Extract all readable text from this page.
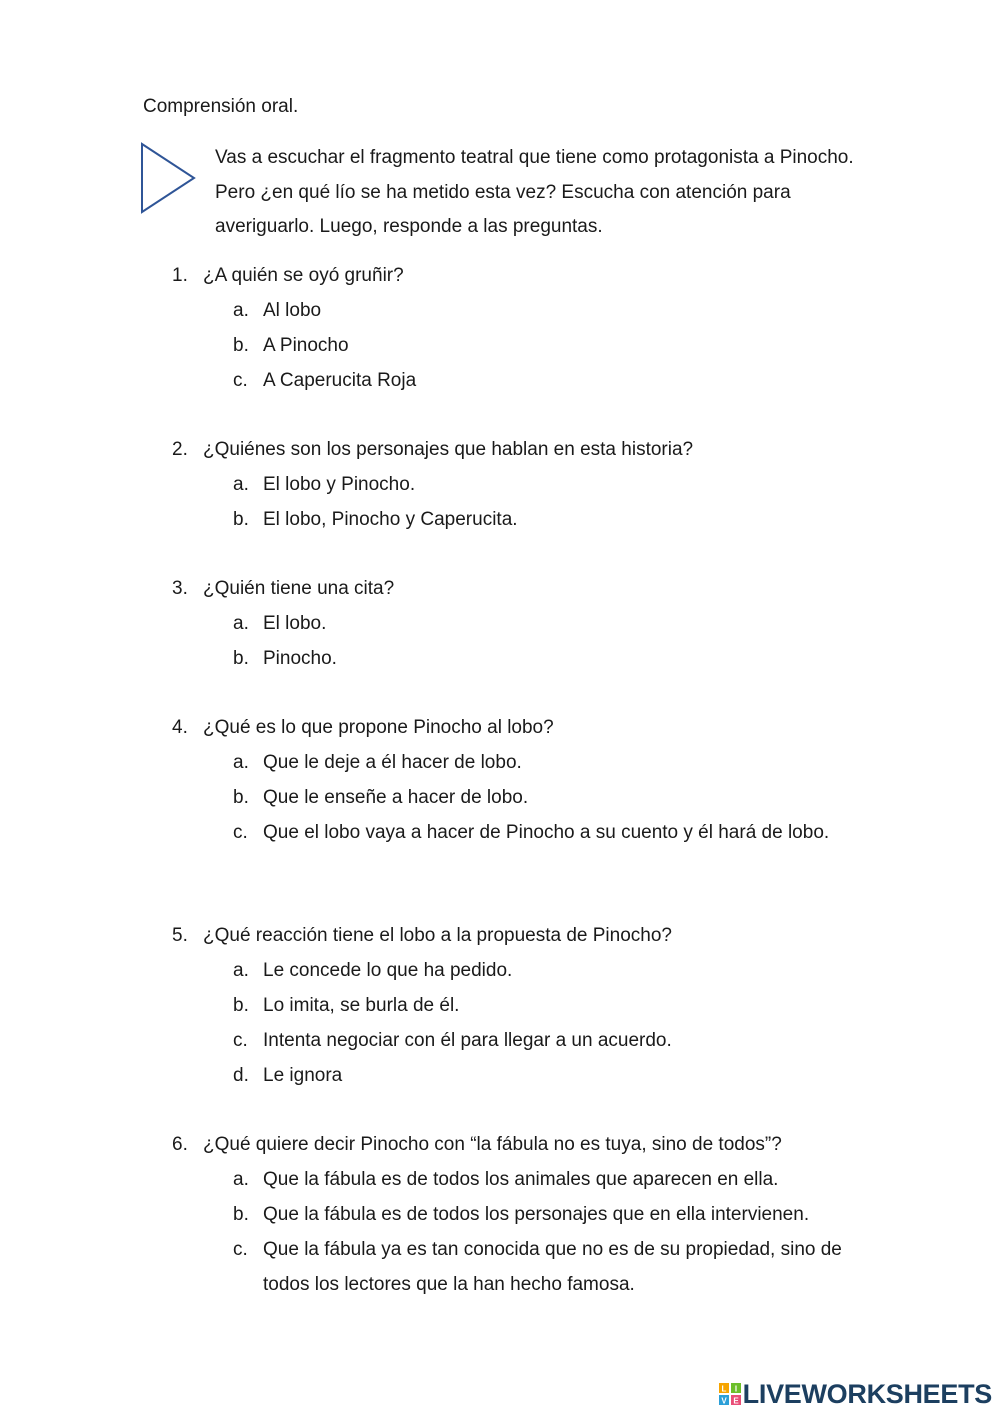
Comprensión oral.
Vas a escuchar el fragmento teatral que tiene como protagonista a Pinocho. Pero ¿en qué lío se ha metido esta vez? Escucha con atención para averiguarlo. Luego, responde a las preguntas.
1. ¿A quién se oyó gruñir?
a. Al lobo
b. A Pinocho
c. A Caperucita Roja
2. ¿Quiénes son los personajes que hablan en esta historia?
a. El lobo y Pinocho.
b. El lobo, Pinocho y Caperucita.
3. ¿Quién tiene una cita?
a. El lobo.
b. Pinocho.
4. ¿Qué es lo que propone Pinocho al lobo?
a. Que le deje a él hacer de lobo.
b. Que le enseñe a hacer de lobo.
c. Que el lobo vaya a hacer de Pinocho a su cuento y él hará de lobo.
5. ¿Qué reacción tiene el lobo a la propuesta de Pinocho?
a. Le concede lo que ha pedido.
b. Lo imita, se burla de él.
c. Intenta negociar con él para llegar a un acuerdo.
d. Le ignora
6. ¿Qué quiere decir Pinocho con “la fábula no es tuya, sino de todos”?
a. Que la fábula es de todos los animales que aparecen en ella.
b. Que la fábula es de todos los personajes que en ella intervienen.
c. Que la fábula ya es tan conocida que no es de su propiedad, sino de todos los lectores que la han hecho famosa.
L I
V E LIVEWORKSHEETS
